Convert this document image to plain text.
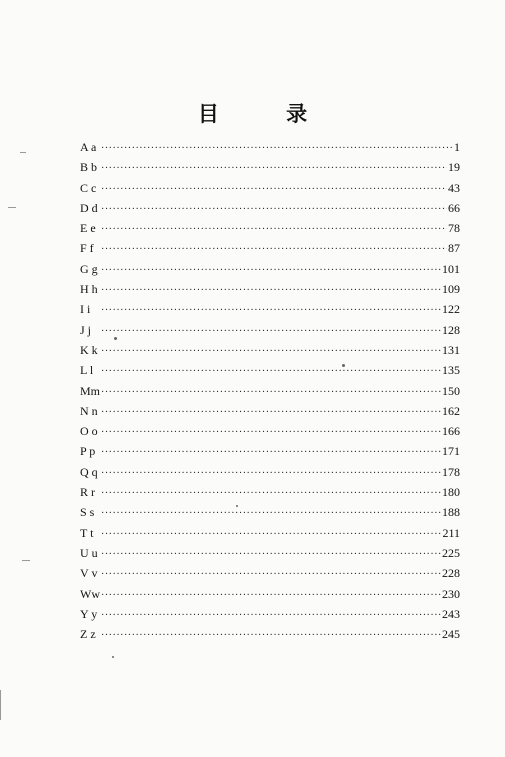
目 录
A a ·····	1
B b ·····	19
C c ·····	43
D d ·····	66
E e ·····	78
F f ·····	87
G g ·····	101
H h ·····	109
I i ·····	122
J j ·····	128
K k ·····	131
L l ·····	135
Mm ·····	150
N n ·····	162
O o ·····	166
P p ·····	171
Q q ·····	178
R r ·····	180
S s ·····	188
T t ·····	211
U u ·····	225
V v ·····	228
Ww ·····	230
Y y ·····	243
Z z ·····	245
